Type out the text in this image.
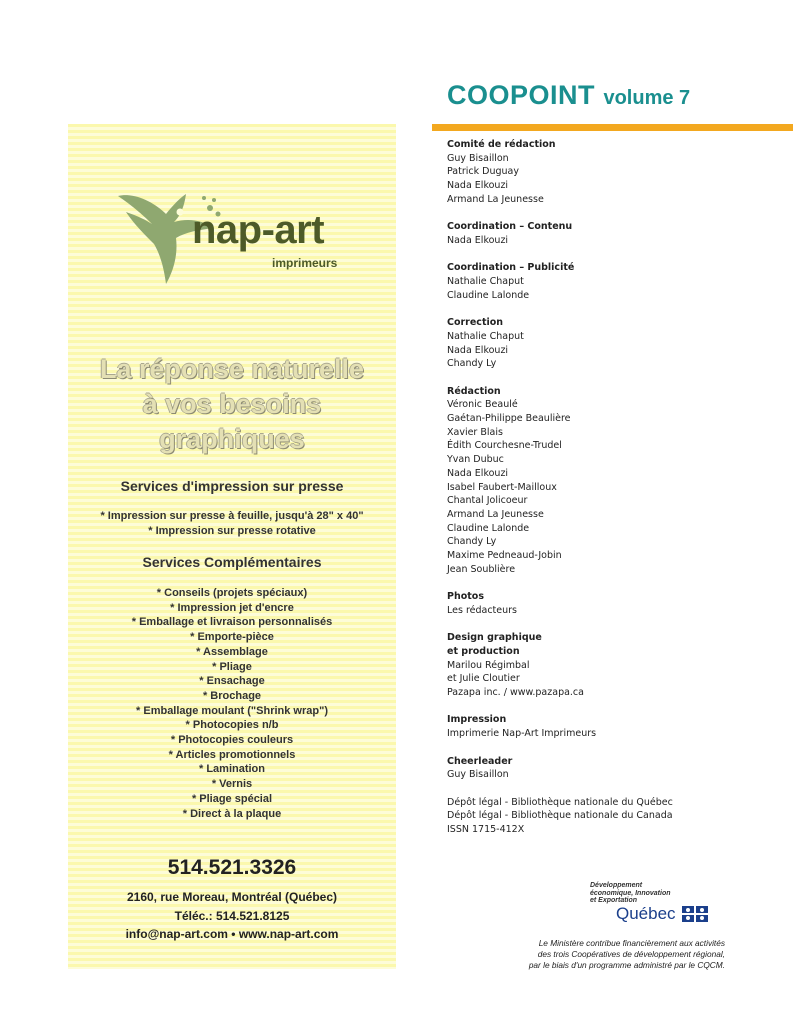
nap-art
imprimeurs
La réponse naturelle
à vos besoins graphiques
Services d'impression sur presse
* Impression sur presse à feuille, jusqu'à 28" x 40"
* Impression sur presse rotative
Services Complémentaires
* Conseils (projets spéciaux)
* Impression jet d'encre
* Emballage et livraison personnalisés
* Emporte-pièce
* Assemblage
* Pliage
* Ensachage
* Brochage
* Emballage moulant ("Shrink wrap")
* Photocopies n/b
* Photocopies couleurs
* Articles promotionnels
* Lamination
* Vernis
* Pliage spécial
* Direct à la plaque
514.521.3326
2160, rue Moreau, Montréal (Québec)
Téléc.: 514.521.8125
info@nap-art.com • www.nap-art.com
COOPOINT volume 7
Comité de rédaction
Guy Bisaillon
Patrick Duguay
Nada Elkouzi
Armand La Jeunesse
Coordination – Contenu
Nada Elkouzi
Coordination – Publicité
Nathalie Chaput
Claudine Lalonde
Correction
Nathalie Chaput
Nada Elkouzi
Chandy Ly
Rédaction
Véronic Beaulé
Gaétan-Philippe Beaulière
Xavier Blais
Édith Courchesne-Trudel
Yvan Dubuc
Nada Elkouzi
Isabel Faubert-Mailloux
Chantal Jolicoeur
Armand La Jeunesse
Claudine Lalonde
Chandy Ly
Maxime Pedneaud-Jobin
Jean Soublière
Photos
Les rédacteurs
Design graphique
et production
Marilou Régimbal
et Julie Cloutier
Pazapa inc. / www.pazapa.ca
Impression
Imprimerie Nap-Art Imprimeurs
Cheerleader
Guy Bisaillon
Dépôt légal - Bibliothèque nationale du Québec
Dépôt légal - Bibliothèque nationale du Canada
ISSN 1715-412X
Développement
économique, Innovation
et Exportation
Québec
Le Ministère contribue financièrement aux activités
des trois Coopératives de développement régional,
par le biais d'un programme administré par le CQCM.
